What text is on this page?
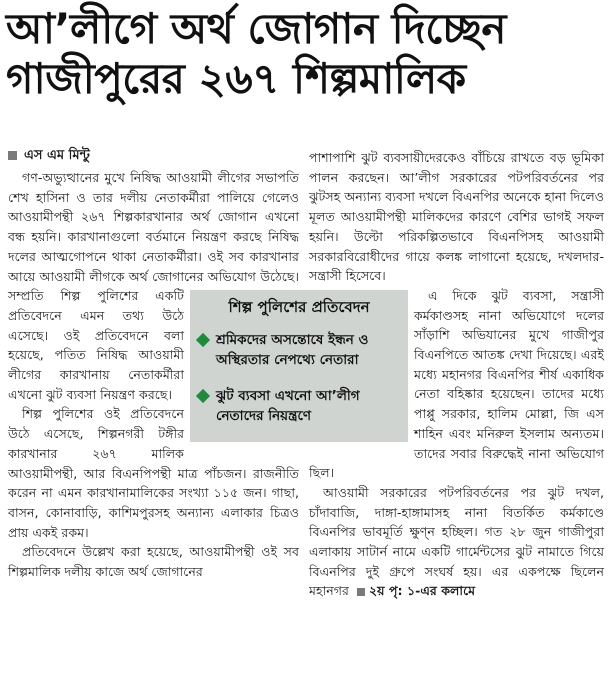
আ’লীগে অর্থ জোগান দিচ্ছেন
গাজীপুরের ২৬৭ শিল্পমালিক
এস এম মিন্টু

গণ-অভ্যুত্থানের মুখে নিষিদ্ধ আওয়ামী লীগের সভাপতি শেখ হাসিনা ও তার দলীয় নেতাকর্মীরা পালিয়ে গেলেও আওয়ামীপন্থী ২৬৭ শিল্পকারখানার অর্থ জোগান এখনো বন্ধ হয়নি। কারখানাগুলো বর্তমানে নিয়ন্ত্রণ করছে নিষিদ্ধ দলের আত্মগোপনে থাকা নেতাকর্মীরা। ওই সব কারখানার আয়ে আওয়ামী লীগকে অর্থ জোগানের অভিযোগ উঠেছে। সম্প্রতি শিল্প পুলিশের একটি প্রতিবেদনে এমন তথ্য উঠে এসেছে। ওই প্রতিবেদনে বলা হয়েছে, পতিত নিষিদ্ধ আওয়ামী লীগের কারখানায় নেতাকর্মীরা এখনো ঝুট ব্যবসা নিয়ন্ত্রণ করছে।

শিল্প পুলিশের ওই প্রতিবেদনে উঠে এসেছে, শিল্পনগরী টঙ্গীর কারখানার ২৬৭ মালিক আওয়ামীপন্থী, আর বিএনপিপন্থী মাত্র পাঁচজন। রাজনীতি করেন না এমন কারখানামালিকের সংখ্যা ১১৫ জন। গাছা, বাসন, কোনাবাড়ি, কাশিমপুরসহ অন্যান্য এলাকার চিত্রও প্রায় একই রকম।

প্রতিবেদনে উল্লেখ করা হয়েছে, আওয়ামীপন্থী ওই সব শিল্পমালিক দলীয় কাজে অর্থ জোগানের

পাশাপাশি ঝুট ব্যবসায়ীদেরকেও বাঁচিয়ে রাখতে বড় ভূমিকা পালন করছেন। আ’লীগ সরকারের পটপরিবর্তনের পর ঝুটসহ অন্যান্য ব্যবসা দখলে বিএনপির অনেকে হানা দিলেও মূলত আওয়ামীপন্থী মালিকদের কারণে বেশির ভাগই সফল হয়নি। উল্টো পরিকল্পিতভাবে বিএনপিসহ আওয়ামী সরকারবিরোধীদের গায়ে কলঙ্ক লাগানো হয়েছে, দখলদার-সন্ত্রাসী হিসেবে।

এ দিকে ঝুট ব্যবসা, সন্ত্রাসী কর্মকাণ্ডসহ নানা অভিযোগে দলের সাঁড়াশি অভিযানের মুখে গাজীপুর বিএনপিতে আতঙ্ক দেখা দিয়েছে। এরই মধ্যে মহানগর বিএনপির শীর্ষ একাধিক নেতা বহিষ্কার হয়েছেন। তাদের মধ্যে পাপ্পু সরকার, হালিম মোল্লা, জি এস শাহিন এবং মনিরুল ইসলাম অন্যতম। তাদের সবার বিরুদ্ধেই নানা অভিযোগ ছিল।

আওয়ামী সরকারের পটপরিবর্তনের পর ঝুট দখল, চাঁদাবাজি, দাঙ্গা-হাঙ্গামাসহ নানা বিতর্কিত কর্মকাণ্ডে বিএনপির ভাবমূর্তি ক্ষুণ্ন হচ্ছিল। গত ২৮ জুন গাজীপুরা এলাকায় সাটার্ন নামে একটি গার্মেন্টসের ঝুট নামাতে গিয়ে বিএনপির দুই গ্রুপে সংঘর্ষ হয়। এর একপক্ষে ছিলেন মহানগর ২য় পৃ: ১-এর কলামে

শিল্প পুলিশের প্রতিবেদন
শ্রমিকদের অসন্তোষে ইন্ধন ও অস্থিরতার নেপথ্যে নেতারা
ঝুট ব্যবসা এখনো আ’লীগ নেতাদের নিয়ন্ত্রণে
